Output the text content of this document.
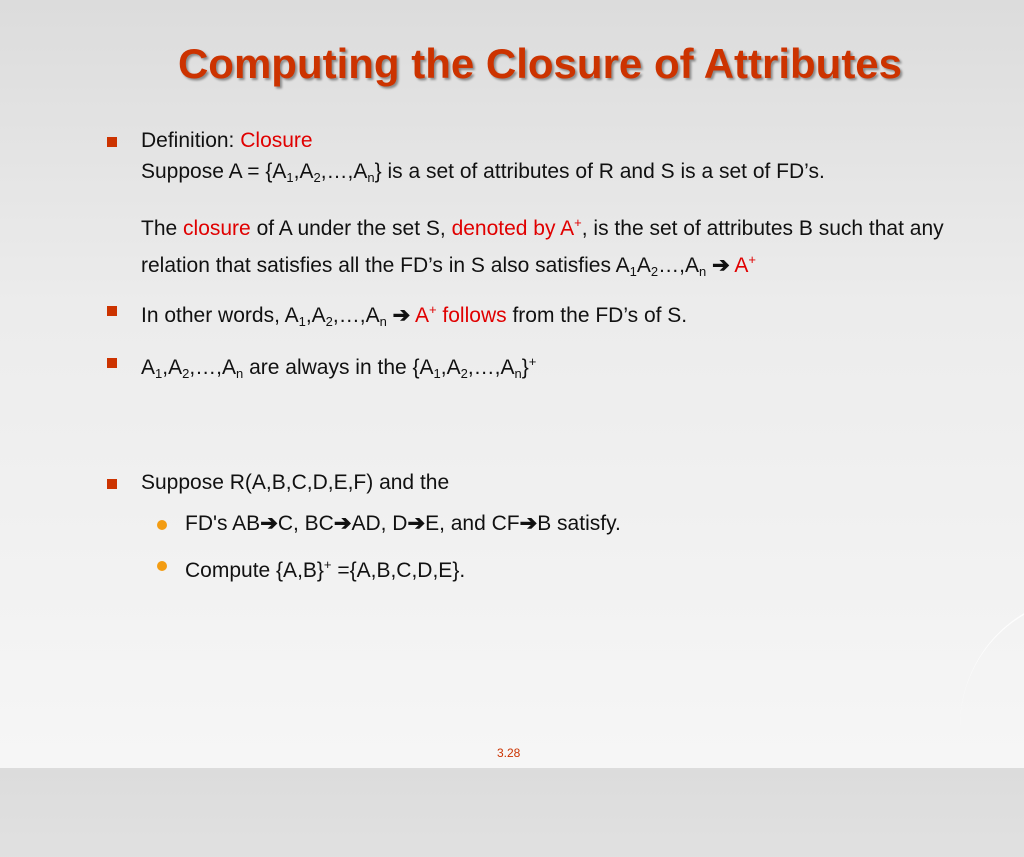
Computing the Closure of Attributes
Definition: Closure
Suppose $A = \{A_1,A_2,\dots,A_n\}$ is a set of attributes of R and S is a set of FD’s.
The closure of A under the set S, denoted by A+, is the set of attributes B such that any relation that satisfies all the FD’s in S also satisfies $A_1A_2\dots,A_n$ ➔ A+
In other words, $A_1,A_2,\dots,A_n$ ➔ A+ follows from the FD’s of S.
$A_1,A_2,\dots,A_n$ are always in the $\{A_1,A_2,\dots,A_n\}^+$
Suppose R(A,B,C,D,E,F) and the
FD's AB➔C, BC➔AD, D➔E, and CF➔B satisfy.
Compute {A,B}+ ={A,B,C,D,E}.
3.28
